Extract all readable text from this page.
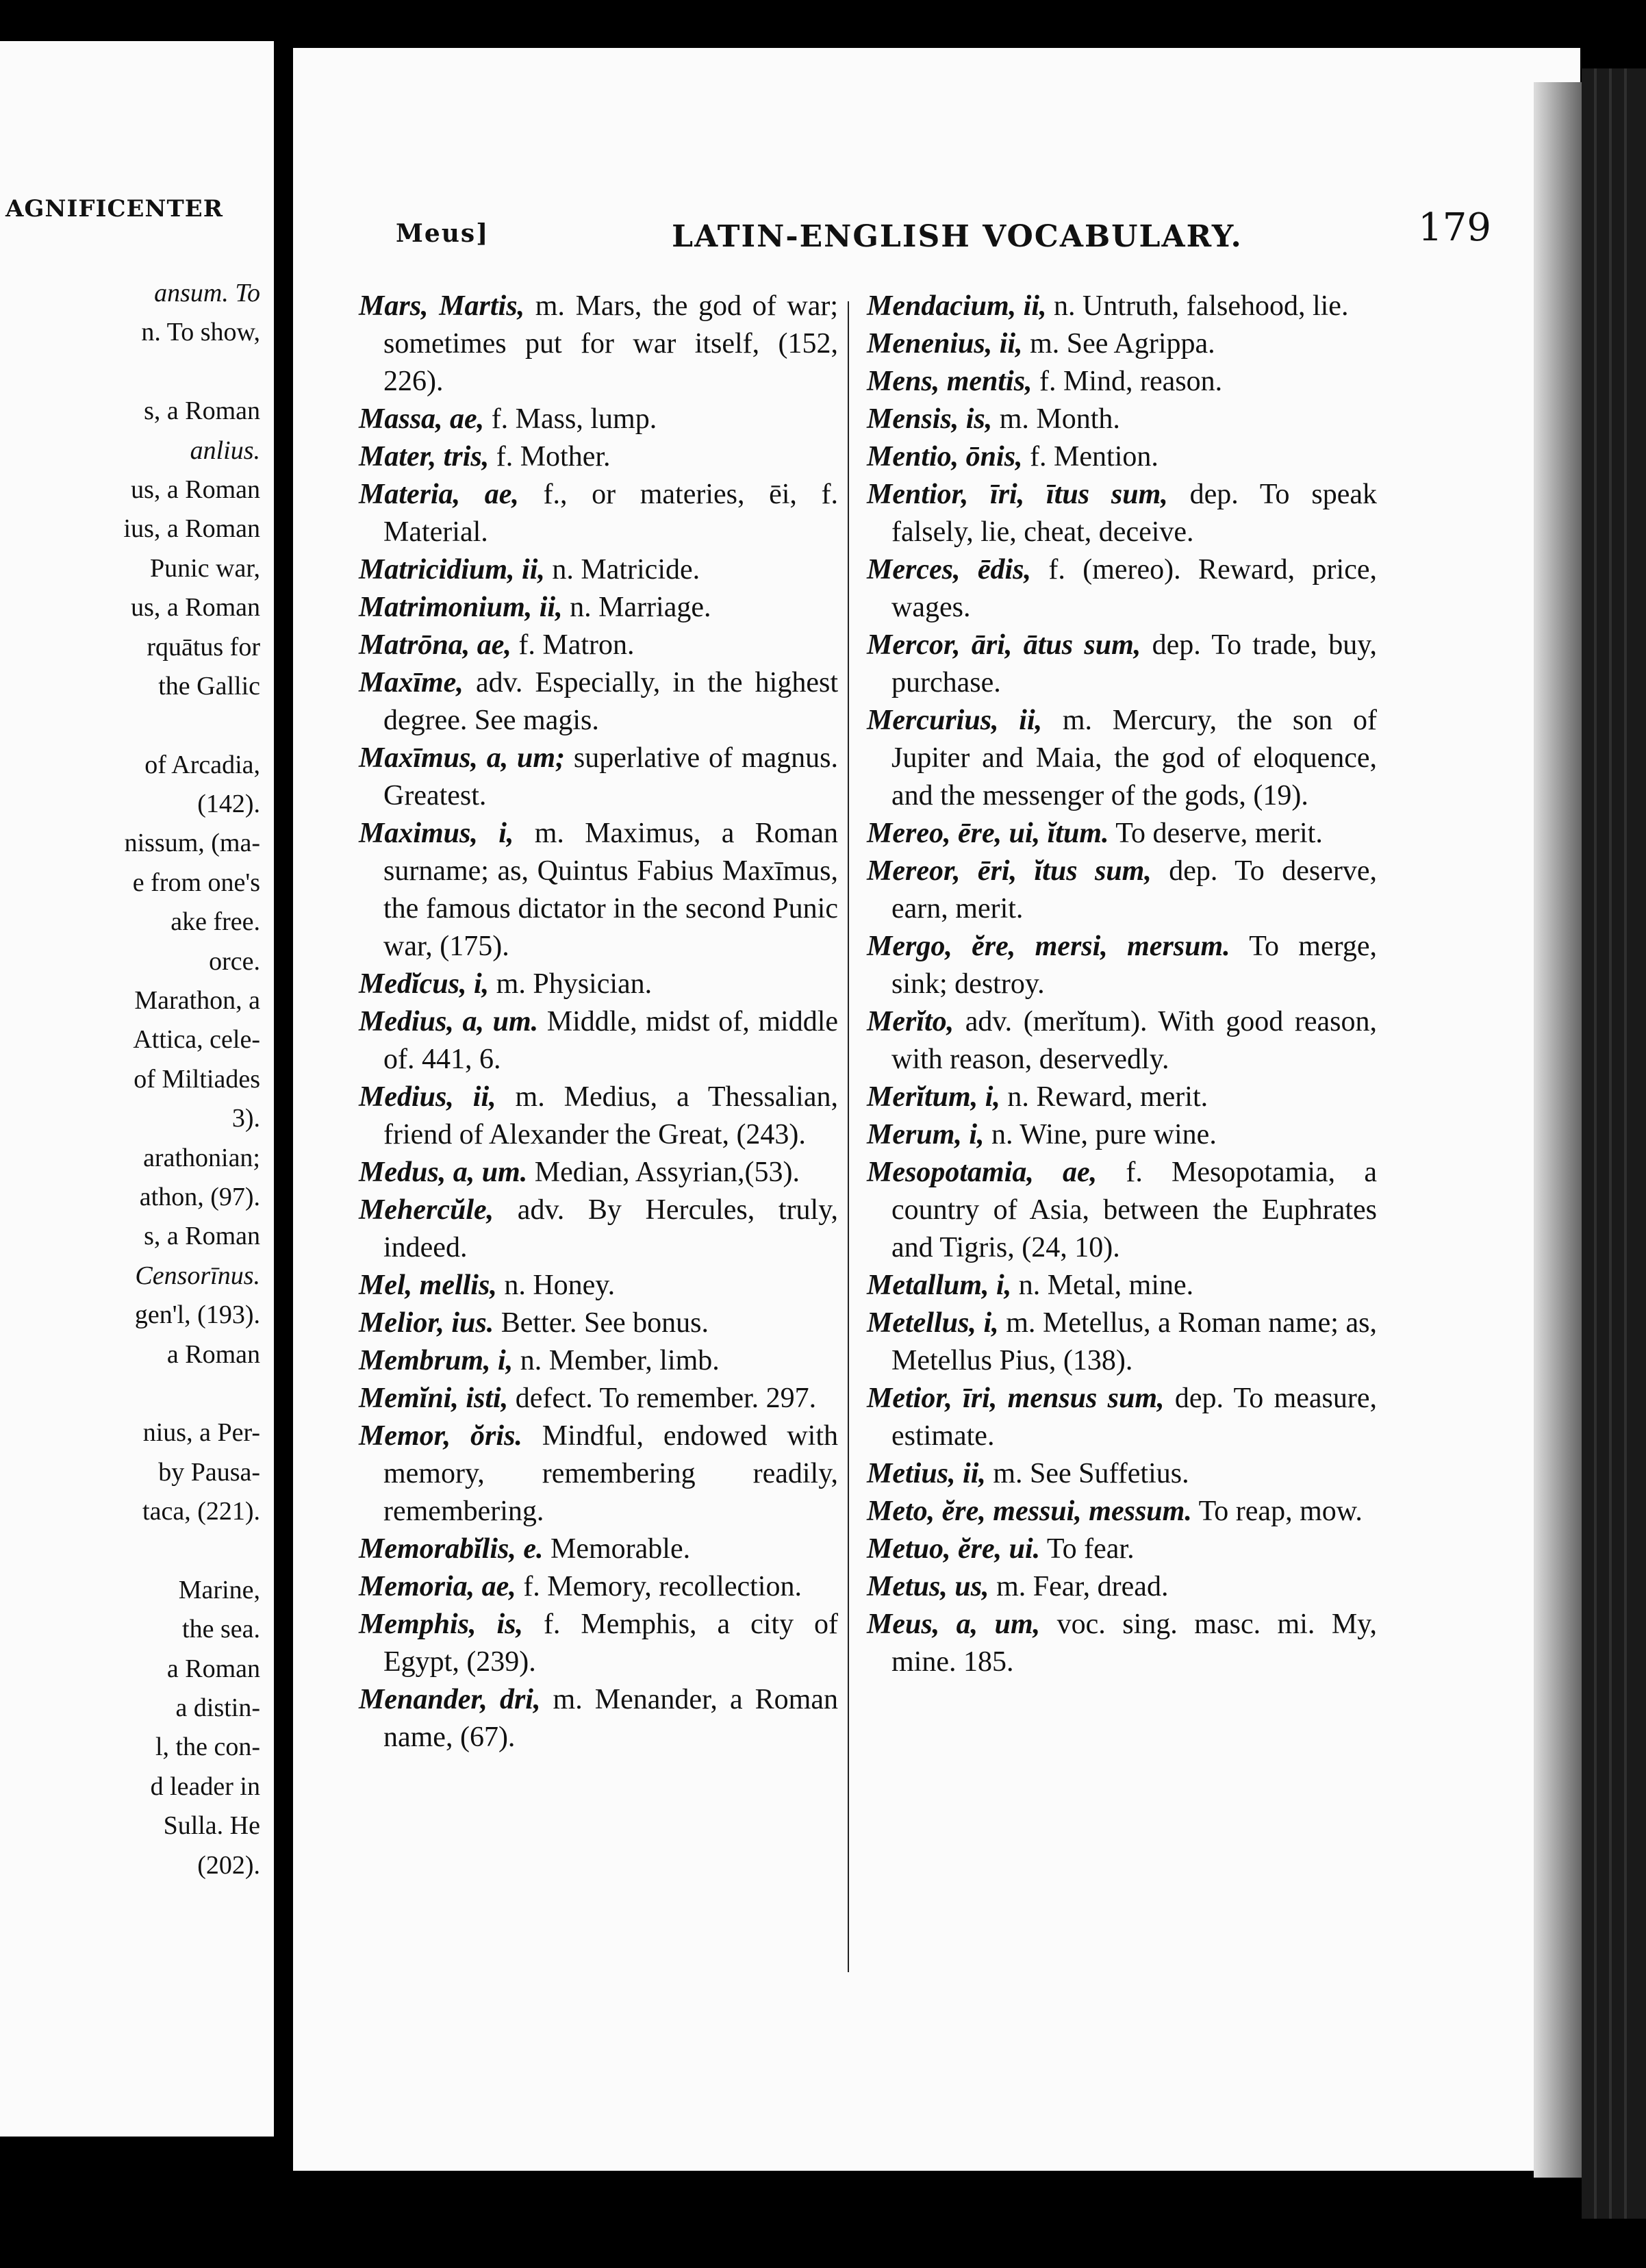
AGNIFICENTER
ansum. To
n. To show,
s, a Roman
anlius.
us, a Roman
ius, a Roman
Punic war,
us, a Roman
rquātus for
the Gallic
of Arcadia,
(142).
nissum, (ma-
e from one's
ake free.
orce.
Marathon, a
Attica, cele-
of Miltiades
3).
arathonian;
athon, (97).
s, a Roman
Censorīnus.
gen'l, (193).
a Roman
nius, a Per-
by Pausa-
taca, (221).
Marine,
the sea.
a Roman
a distin-
l, the con-
d leader in
Sulla. He
(202).
Meus]	LATIN-ENGLISH VOCABULARY.	179

Mars, Martis, m. Mars, the god of war; sometimes put for war itself, (152, 226).

Massa, ae, f. Mass, lump.

Mater, tris, f. Mother.

Materia, ae, f., or materies, ēi, f. Material.

Matricidium, ii, n. Matricide.

Matrimonium, ii, n. Marriage.

Matrōna, ae, f. Matron.

Maxīme, adv. Especially, in the highest degree. See magis.

Maxīmus, a, um; superlative of magnus. Greatest.

Maximus, i, m. Maximus, a Roman surname; as, Quintus Fabius Maxīmus, the famous dictator in the second Punic war, (175).

Medĭcus, i, m. Physician.

Medius, a, um. Middle, midst of, middle of. 441, 6.

Medius, ii, m. Medius, a Thessalian, friend of Alexander the Great, (243).

Medus, a, um. Median, Assyrian,(53).

Mehercŭle, adv. By Hercules, truly, indeed.

Mel, mellis, n. Honey.

Melior, ius. Better. See bonus.

Membrum, i, n. Member, limb.

Memĭni, isti, defect. To remember. 297.

Memor, ŏris. Mindful, endowed with memory, remembering readily, remembering.

Memorabĭlis, e. Memorable.

Memoria, ae, f. Memory, recollection.

Memphis, is, f. Memphis, a city of Egypt, (239).

Menander, dri, m. Menander, a Roman name, (67).

Mendacium, ii, n. Untruth, falsehood, lie.

Menenius, ii, m. See Agrippa.

Mens, mentis, f. Mind, reason.

Mensis, is, m. Month.

Mentio, ōnis, f. Mention.

Mentior, īri, ītus sum, dep. To speak falsely, lie, cheat, deceive.

Merces, ēdis, f. (mereo). Reward, price, wages.

Mercor, āri, ātus sum, dep. To trade, buy, purchase.

Mercurius, ii, m. Mercury, the son of Jupiter and Maia, the god of eloquence, and the messenger of the gods, (19).

Mereo, ēre, ui, ĭtum. To deserve, merit.

Mereor, ēri, ĭtus sum, dep. To deserve, earn, merit.

Mergo, ĕre, mersi, mersum. To merge, sink; destroy.

Merĭto, adv. (merĭtum). With good reason, with reason, deservedly.

Merĭtum, i, n. Reward, merit.

Merum, i, n. Wine, pure wine.

Mesopotamia, ae, f. Mesopotamia, a country of Asia, between the Euphrates and Tigris, (24, 10).

Metallum, i, n. Metal, mine.

Metellus, i, m. Metellus, a Roman name; as, Metellus Pius, (138).

Metior, īri, mensus sum, dep. To measure, estimate.

Metius, ii, m. See Suffetius.

Meto, ĕre, messui, messum. To reap, mow.

Metuo, ĕre, ui. To fear.

Metus, us, m. Fear, dread.

Meus, a, um, voc. sing. masc. mi. My, mine. 185.
